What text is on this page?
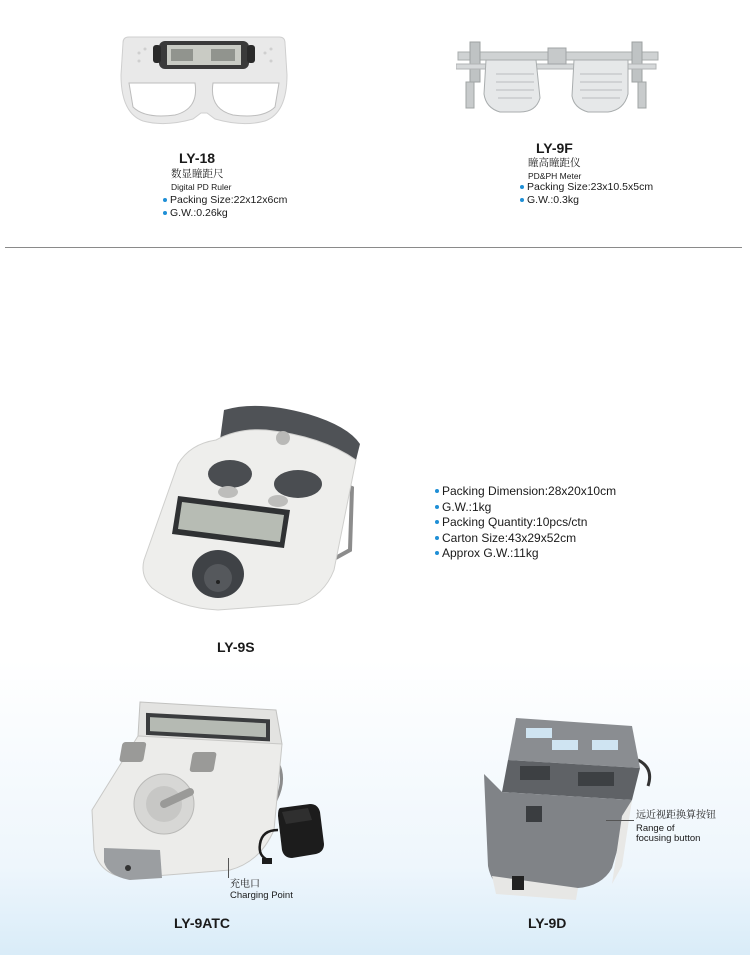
LY-18
数显瞳距尺
Digital PD Ruler
Packing Size:22x12x6cm
G.W.:0.26kg
LY-9F
瞳高瞳距仪
PD&PH Meter
Packing Size:23x10.5x5cm
G.W.:0.3kg
LY-9S
Packing Dimension:28x20x10cm
G.W.:1kg
Packing Quantity:10pcs/ctn
Carton Size:43x29x52cm
Approx G.W.:11kg
充电口
Charging Point
LY-9ATC
远近视距换算按钮
Range of
focusing button
LY-9D
